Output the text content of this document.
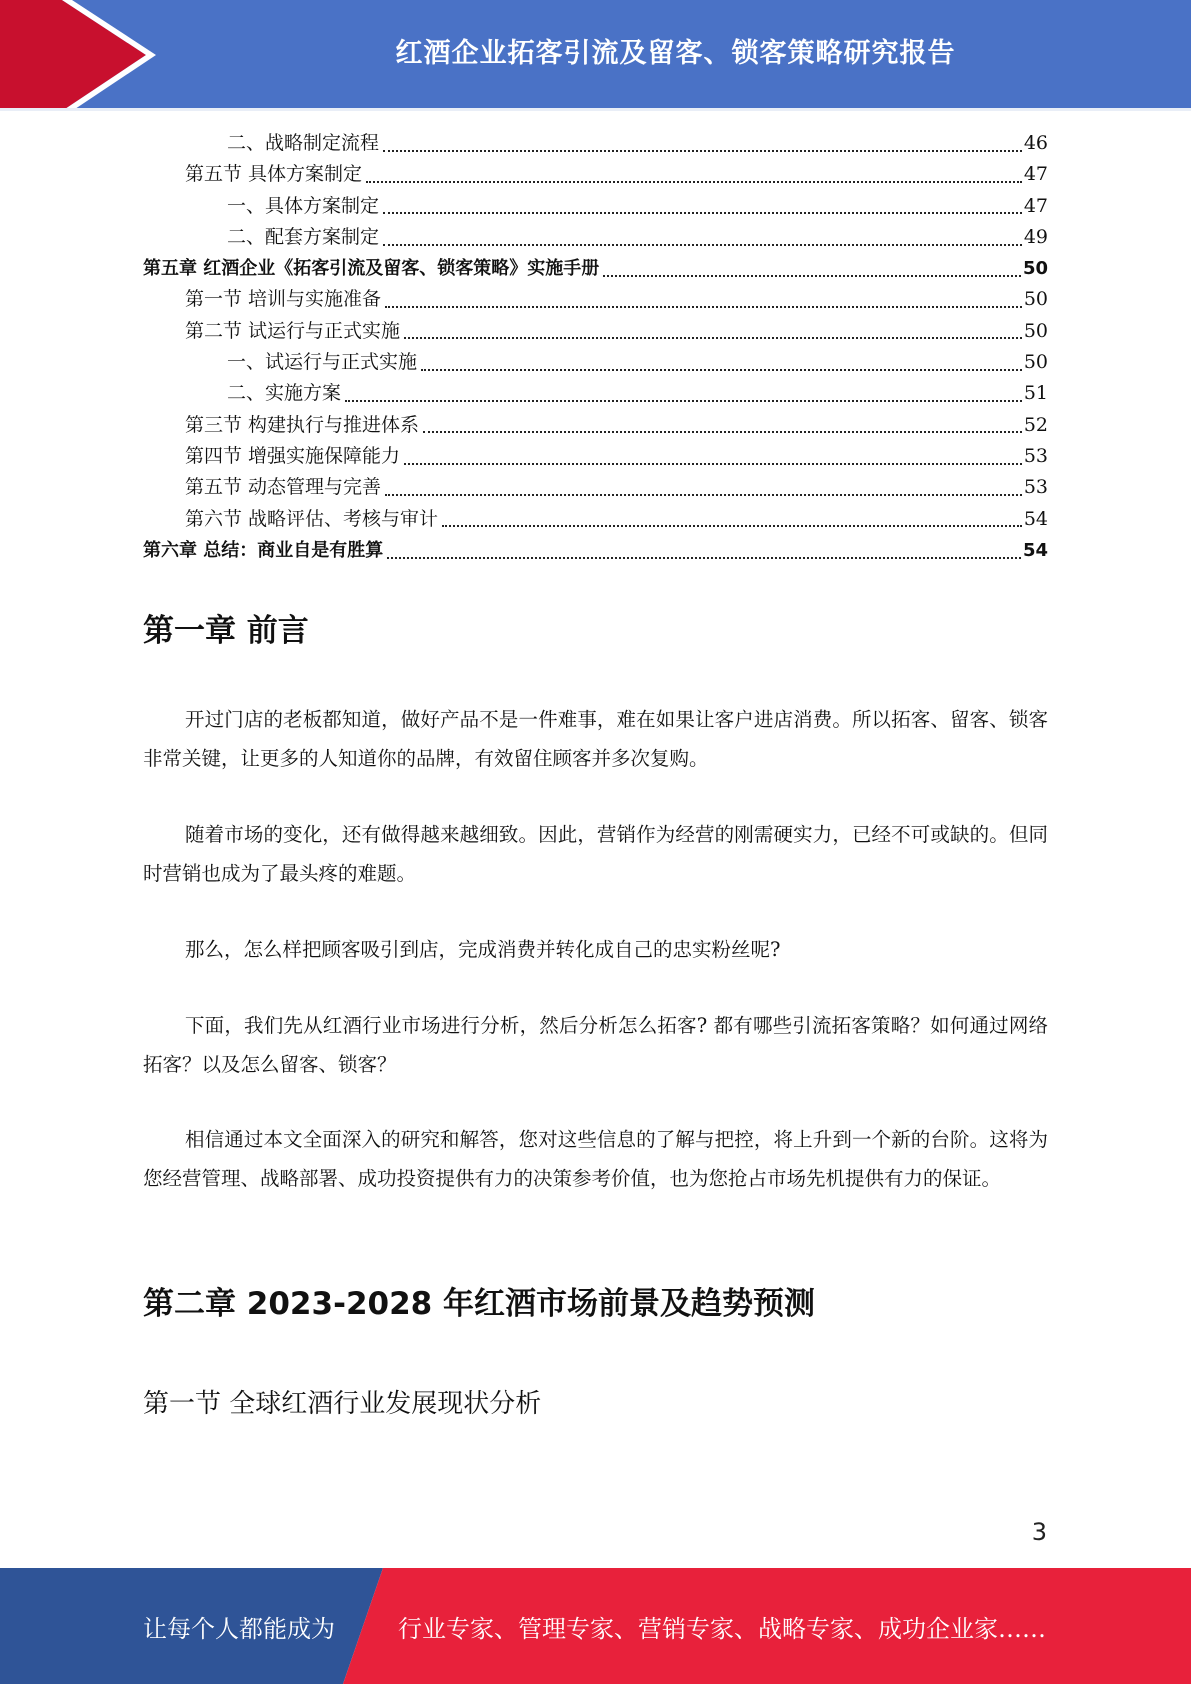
红酒企业拓客引流及留客、锁客策略研究报告
二、战略制定流程	46
第五节 具体方案制定	47
一、具体方案制定	47
二、配套方案制定	49
第五章 红酒企业《拓客引流及留客、锁客策略》实施手册	50
第一节 培训与实施准备	50
第二节 试运行与正式实施	50
一、试运行与正式实施	50
二、实施方案	51
第三节 构建执行与推进体系	52
第四节 增强实施保障能力	53
第五节 动态管理与完善	53
第六节 战略评估、考核与审计	54
第六章 总结：商业自是有胜算	54
第一章 前言

开过门店的老板都知道，做好产品不是一件难事，难在如果让客户进店消费。所以拓客、留客、锁客非常关键，让更多的人知道你的品牌，有效留住顾客并多次复购。

随着市场的变化，还有做得越来越细致。因此，营销作为经营的刚需硬实力，已经不可或缺的。但同时营销也成为了最头疼的难题。

那么，怎么样把顾客吸引到店，完成消费并转化成自己的忠实粉丝呢?

下面，我们先从红酒行业市场进行分析，然后分析怎么拓客? 都有哪些引流拓客策略？如何通过网络拓客？以及怎么留客、锁客？

相信通过本文全面深入的研究和解答，您对这些信息的了解与把控，将上升到一个新的台阶。这将为您经营管理、战略部署、成功投资提供有力的决策参考价值，也为您抢占市场先机提供有力的保证。

第二章 2023-2028 年红酒市场前景及趋势预测
第一节 全球红酒行业发展现状分析
3
让每个人都能成为	行业专家、管理专家、营销专家、战略专家、成功企业家……
